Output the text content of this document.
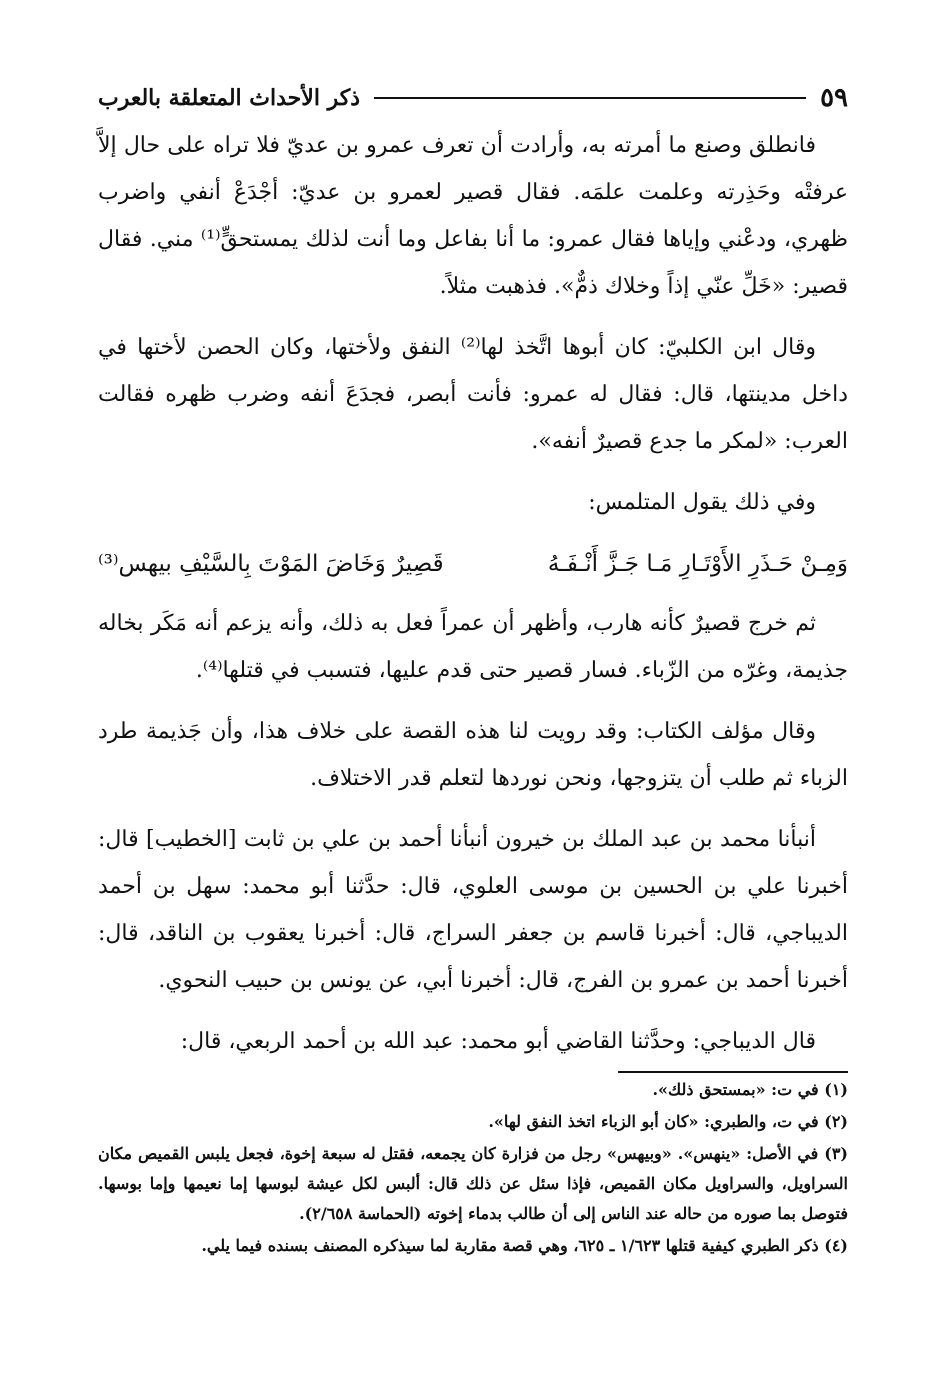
ذكر الأحداث المتعلقة بالعرب	٥٩

فانطلق وصنع ما أمرته به، وأرادت أن تعرف عمرو بن عديّ فلا تراه على حال إلاَّ عرفتْه وحَذِرته وعلمت علمَه. فقال قصير لعمرو بن عديّ: أجْدَعْ أنفي واضرب ظهري، ودعْني وإياها فقال عمرو: ما أنا بفاعل وما أنت لذلك يمستحقٍّ⁽¹⁾ مني. فقال قصير: «خَلِّ عنّي إذاً وخلاك ذمٌّ». فذهبت مثلاً.

وقال ابن الكلبيّ: كان أبوها اتَّخذ لها⁽²⁾ النفق ولأختها، وكان الحصن لأختها في داخل مدينتها، قال: فقال له عمرو: فأنت أبصر، فجدَعَ أنفه وضرب ظهره فقالت العرب: «لمكر ما جدع قصيرٌ أنفه».

وفي ذلك يقول المتلمس:

وَمِـنْ حَـذَرِ الأَوْتَـارِ مَـا جَـزَّ أَنْـفَـهُ
قَصِيرٌ وَخَاضَ المَوْتَ بِالسَّيْفِ بيهس⁽³⁾

ثم خرج قصيرٌ كأنه هارب، وأظهر أن عمراً فعل به ذلك، وأنه يزعم أنه مَكَر بخاله جذيمة، وغرّه من الزّباء. فسار قصير حتى قدم عليها، فتسبب في قتلها⁽⁴⁾.

وقال مؤلف الكتاب: وقد رويت لنا هذه القصة على خلاف هذا، وأن جَذيمة طرد الزباء ثم طلب أن يتزوجها، ونحن نوردها لتعلم قدر الاختلاف.

أنبأنا محمد بن عبد الملك بن خيرون أنبأنا أحمد بن علي بن ثابت [الخطيب] قال: أخبرنا علي بن الحسين بن موسى العلوي، قال: حدَّثنا أبو محمد: سهل بن أحمد الديباجي، قال: أخبرنا قاسم بن جعفر السراج، قال: أخبرنا يعقوب بن الناقد، قال: أخبرنا أحمد بن عمرو بن الفرج، قال: أخبرنا أبي، عن يونس بن حبيب النحوي.

قال الديباجي: وحدَّثنا القاضي أبو محمد: عبد الله بن أحمد الربعي، قال:

(١) في ت: «بمستحق ذلك».

(٢) في ت، والطبري: «كان أبو الزباء اتخذ النفق لها».

(٣) في الأصل: «ينهس». «وبيهس» رجل من فزارة كان يجمعه، فقتل له سبعة إخوة، فجعل يلبس القميص مكان السراويل، والسراويل مكان القميص، فإذا سئل عن ذلك قال: ألبس لكل عيشة لبوسها إما نعيمها وإما بوسها. فتوصل بما صوره من حاله عند الناس إلى أن طالب بدماء إخوته (الحماسة ٢/٦٥٨).

(٤) ذكر الطبري كيفية قتلها ١/٦٢٣ ـ ٦٢٥، وهي قصة مقاربة لما سيذكره المصنف بسنده فيما يلي.
